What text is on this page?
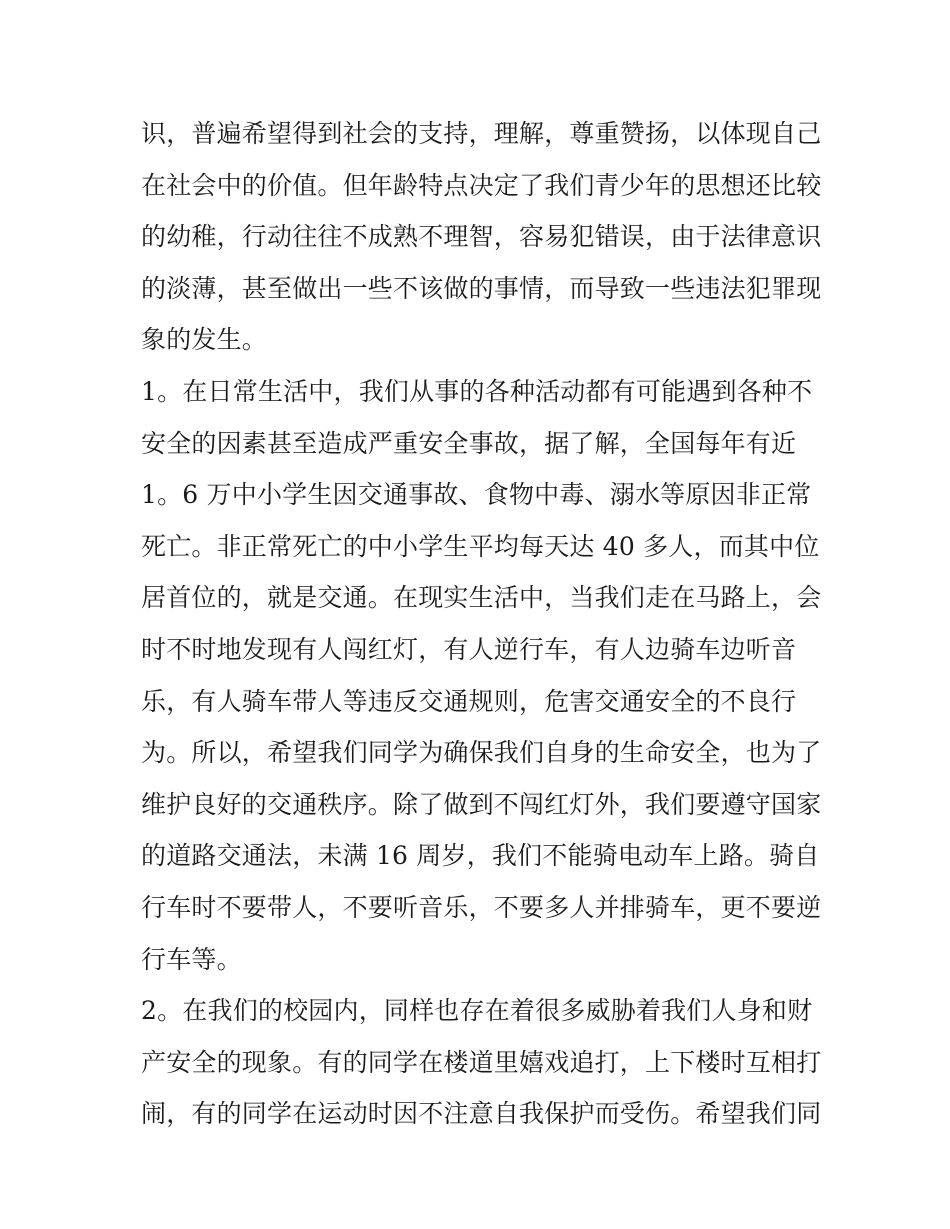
识，普遍希望得到社会的支持，理解，尊重赞扬，以体现自己
在社会中的价值。但年龄特点决定了我们青少年的思想还比较
的幼稚，行动往往不成熟不理智，容易犯错误，由于法律意识
的淡薄，甚至做出一些不该做的事情，而导致一些违法犯罪现
象的发生。
1。在日常生活中，我们从事的各种活动都有可能遇到各种不
安全的因素甚至造成严重安全事故，据了解，全国每年有近
1。6 万中小学生因交通事故、食物中毒、溺水等原因非正常
死亡。非正常死亡的中小学生平均每天达 40 多人，而其中位
居首位的，就是交通。在现实生活中，当我们走在马路上，会
时不时地发现有人闯红灯，有人逆行车，有人边骑车边听音
乐，有人骑车带人等违反交通规则，危害交通安全的不良行
为。所以，希望我们同学为确保我们自身的生命安全，也为了
维护良好的交通秩序。除了做到不闯红灯外，我们要遵守国家
的道路交通法，未满 16 周岁，我们不能骑电动车上路。骑自
行车时不要带人，不要听音乐，不要多人并排骑车，更不要逆
行车等。
2。在我们的校园内，同样也存在着很多威胁着我们人身和财
产安全的现象。有的同学在楼道里嬉戏追打，上下楼时互相打
闹，有的同学在运动时因不注意自我保护而受伤。希望我们同
